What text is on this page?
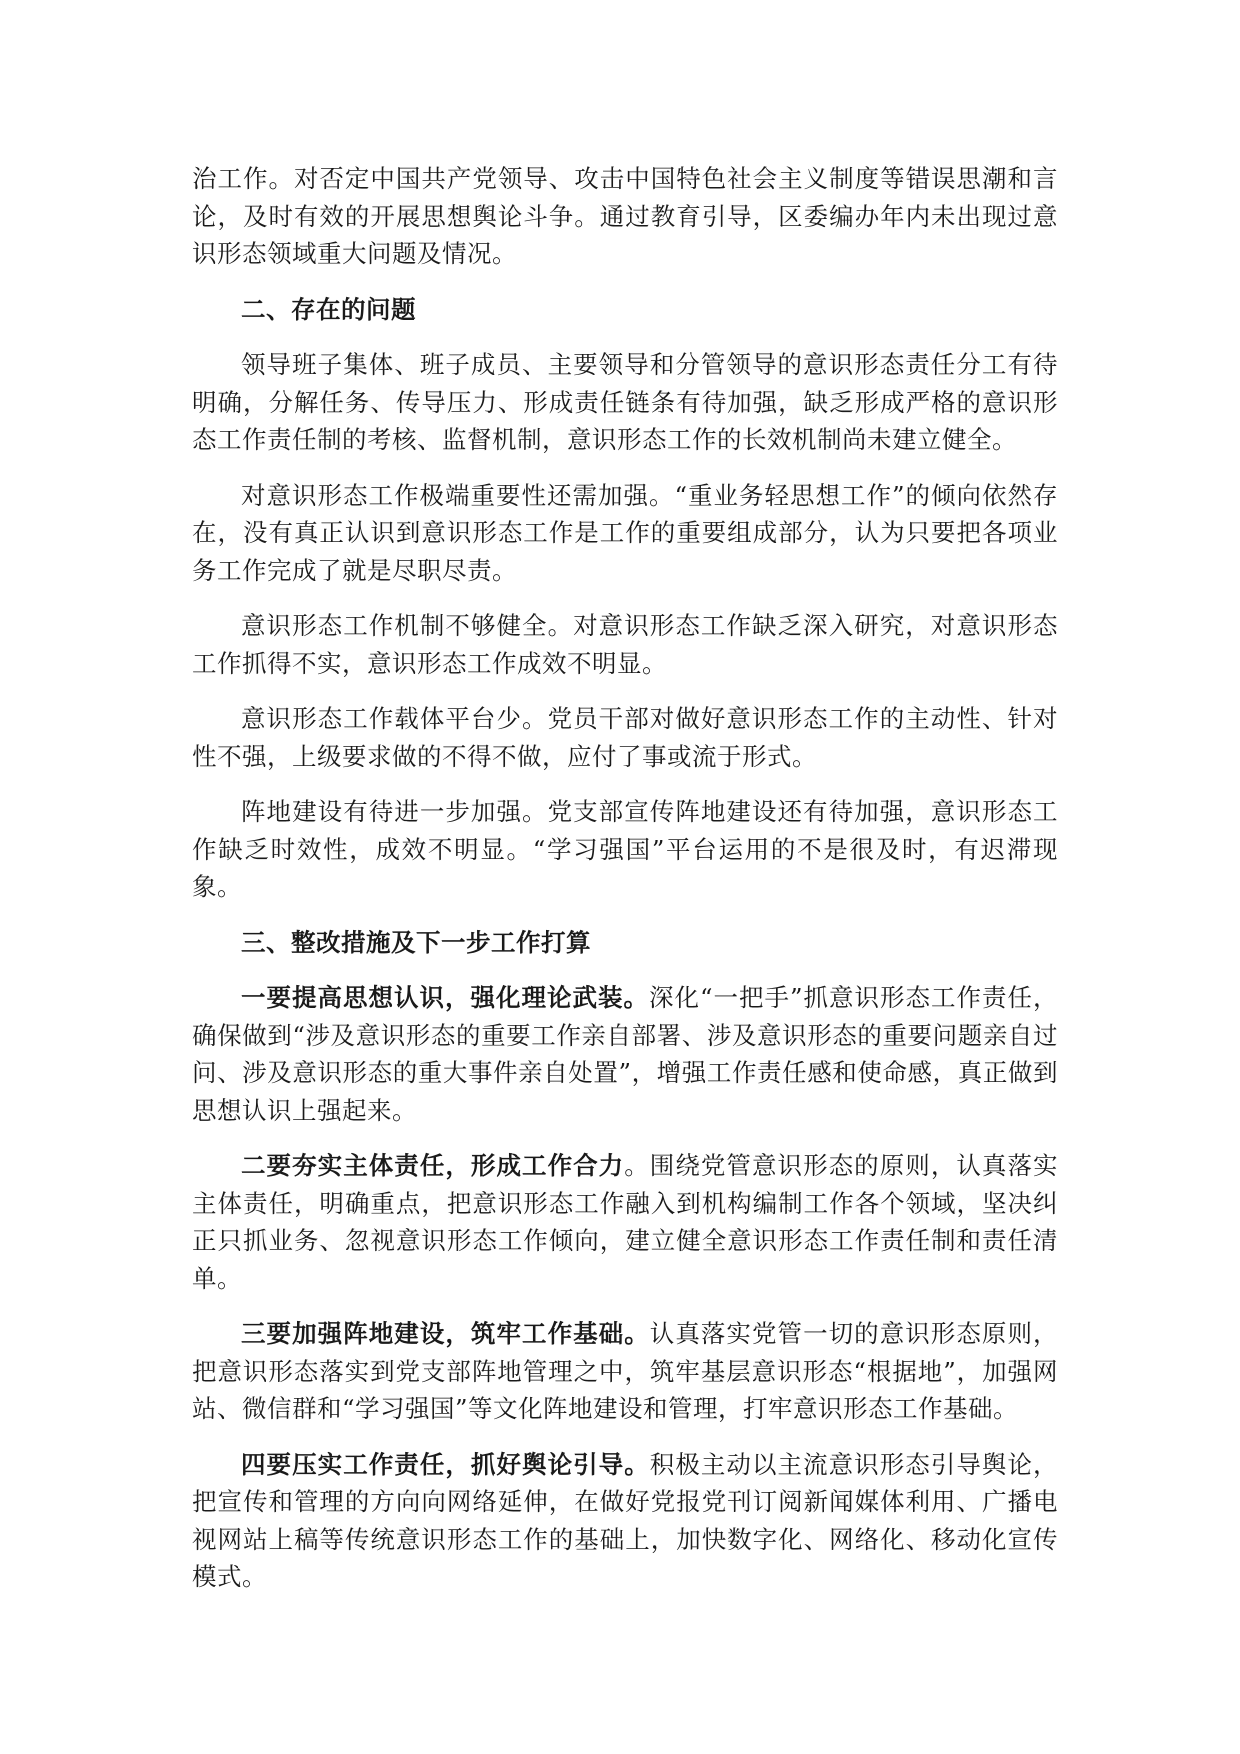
治工作。对否定中国共产党领导、攻击中国特色社会主义制度等错误思潮和言论，及时有效的开展思想舆论斗争。通过教育引导，区委编办年内未出现过意识形态领域重大问题及情况。

二、存在的问题

领导班子集体、班子成员、主要领导和分管领导的意识形态责任分工有待明确，分解任务、传导压力、形成责任链条有待加强，缺乏形成严格的意识形态工作责任制的考核、监督机制，意识形态工作的长效机制尚未建立健全。

对意识形态工作极端重要性还需加强。“重业务轻思想工作”的倾向依然存在，没有真正认识到意识形态工作是工作的重要组成部分，认为只要把各项业务工作完成了就是尽职尽责。

意识形态工作机制不够健全。对意识形态工作缺乏深入研究，对意识形态工作抓得不实，意识形态工作成效不明显。

意识形态工作载体平台少。党员干部对做好意识形态工作的主动性、针对性不强，上级要求做的不得不做，应付了事或流于形式。

阵地建设有待进一步加强。党支部宣传阵地建设还有待加强，意识形态工作缺乏时效性，成效不明显。“学习强国”平台运用的不是很及时，有迟滞现象。

三、整改措施及下一步工作打算

一要提高思想认识，强化理论武装。深化“一把手”抓意识形态工作责任，确保做到“涉及意识形态的重要工作亲自部署、涉及意识形态的重要问题亲自过问、涉及意识形态的重大事件亲自处置”，增强工作责任感和使命感，真正做到思想认识上强起来。

二要夯实主体责任，形成工作合力。围绕党管意识形态的原则，认真落实主体责任，明确重点，把意识形态工作融入到机构编制工作各个领域，坚决纠正只抓业务、忽视意识形态工作倾向，建立健全意识形态工作责任制和责任清单。

三要加强阵地建设，筑牢工作基础。认真落实党管一切的意识形态原则，把意识形态落实到党支部阵地管理之中，筑牢基层意识形态“根据地”，加强网站、微信群和“学习强国”等文化阵地建设和管理，打牢意识形态工作基础。

四要压实工作责任，抓好舆论引导。积极主动以主流意识形态引导舆论，把宣传和管理的方向向网络延伸，在做好党报党刊订阅新闻媒体利用、广播电视网站上稿等传统意识形态工作的基础上，加快数字化、网络化、移动化宣传模式。
